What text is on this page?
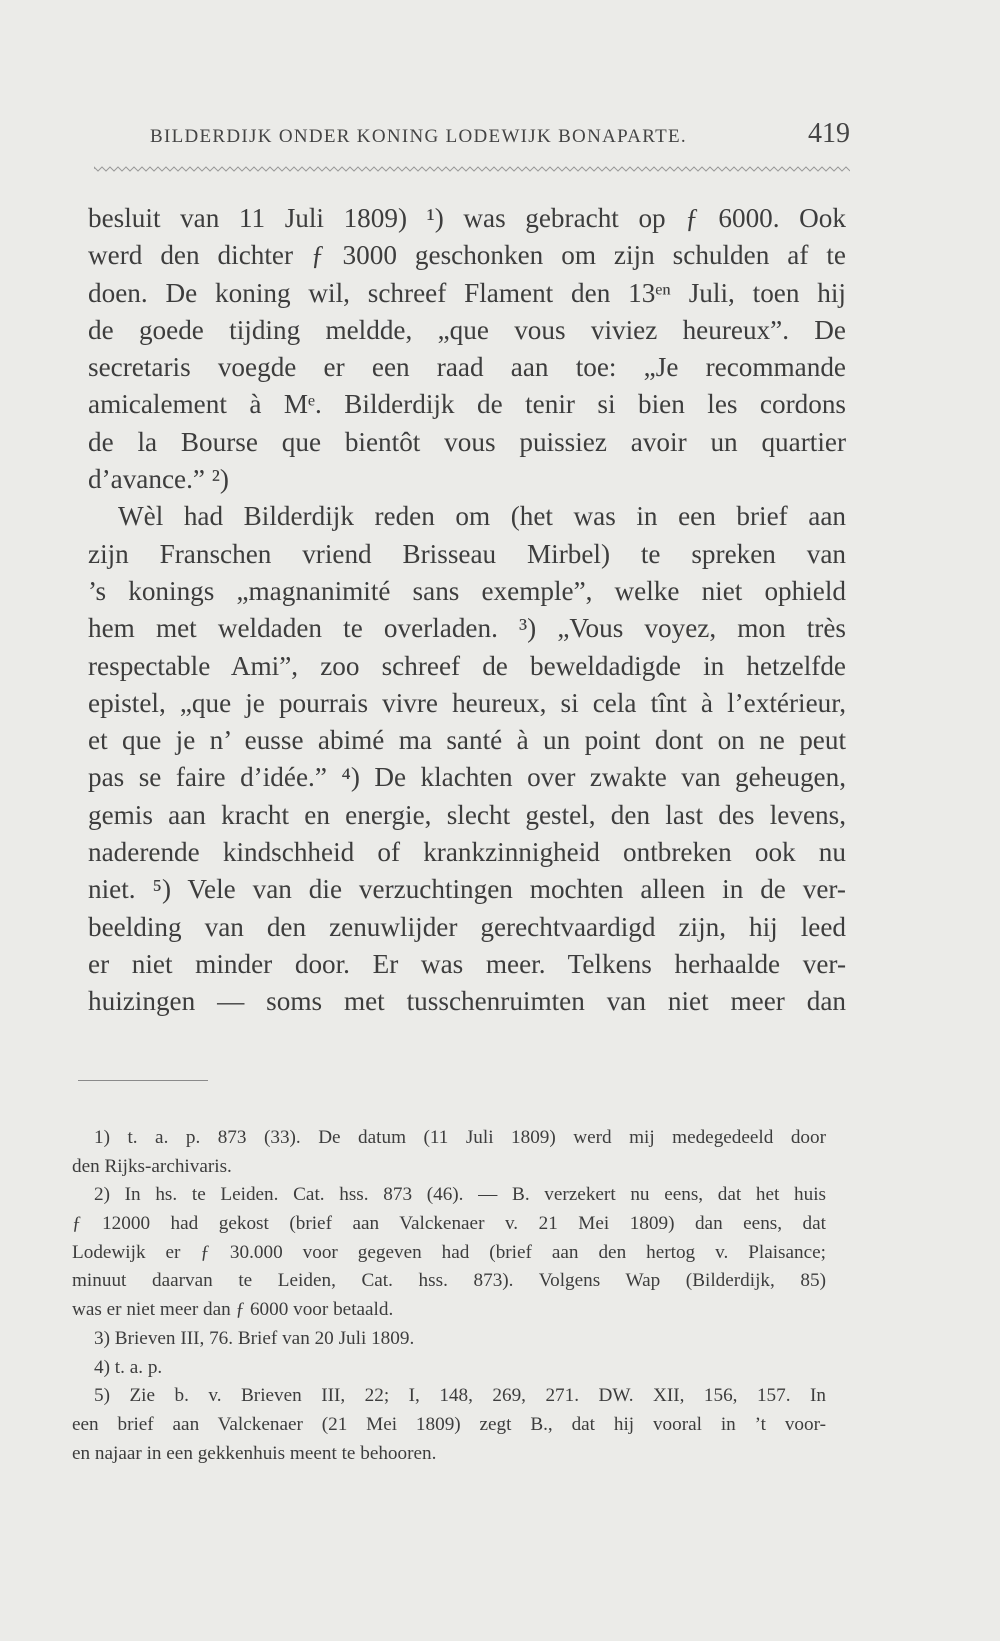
BILDERDIJK ONDER KONING LODEWIJK BONAPARTE.	419
besluit van 11 Juli 1809) ¹) was gebracht op ƒ 6000. Ook
werd den dichter ƒ 3000 geschonken om zijn schulden af te
doen. De koning wil, schreef Flament den 13ᵉⁿ Juli, toen hij
de goede tijding meldde, „que vous viviez heureux”. De
secretaris voegde er een raad aan toe: „Je recommande
amicalement à Mᵉ. Bilderdijk de tenir si bien les cordons
de la Bourse que bientôt vous puissiez avoir un quartier
d’avance.” ²)
Wèl had Bilderdijk reden om (het was in een brief aan
zijn Franschen vriend Brisseau Mirbel) te spreken van
’s konings „magnanimité sans exemple”, welke niet ophield
hem met weldaden te overladen. ³) „Vous voyez, mon très
respectable Ami”, zoo schreef de beweldadigde in hetzelfde
epistel, „que je pourrais vivre heureux, si cela tînt à l’extérieur,
et que je n’ eusse abimé ma santé à un point dont on ne peut
pas se faire d’idée.” ⁴) De klachten over zwakte van geheugen,
gemis aan kracht en energie, slecht gestel, den last des levens,
naderende kindschheid of krankzinnigheid ontbreken ook nu
niet. ⁵) Vele van die verzuchtingen mochten alleen in de ver-
beelding van den zenuwlijder gerechtvaardigd zijn, hij leed
er niet minder door. Er was meer. Telkens herhaalde ver-
huizingen — soms met tusschenruimten van niet meer dan
1) t. a. p. 873 (33). De datum (11 Juli 1809) werd mij medegedeeld door
den Rijks-archivaris.
2) In hs. te Leiden. Cat. hss. 873 (46). — B. verzekert nu eens, dat het huis
ƒ 12000 had gekost (brief aan Valckenaer v. 21 Mei 1809) dan eens, dat
Lodewijk er ƒ 30.000 voor gegeven had (brief aan den hertog v. Plaisance;
minuut daarvan te Leiden, Cat. hss. 873). Volgens Wap (Bilderdijk, 85)
was er niet meer dan ƒ 6000 voor betaald.
3) Brieven III, 76. Brief van 20 Juli 1809.
4) t. a. p.
5) Zie b. v. Brieven III, 22; I, 148, 269, 271. DW. XII, 156, 157. In
een brief aan Valckenaer (21 Mei 1809) zegt B., dat hij vooral in ’t voor-
en najaar in een gekkenhuis meent te behooren.
